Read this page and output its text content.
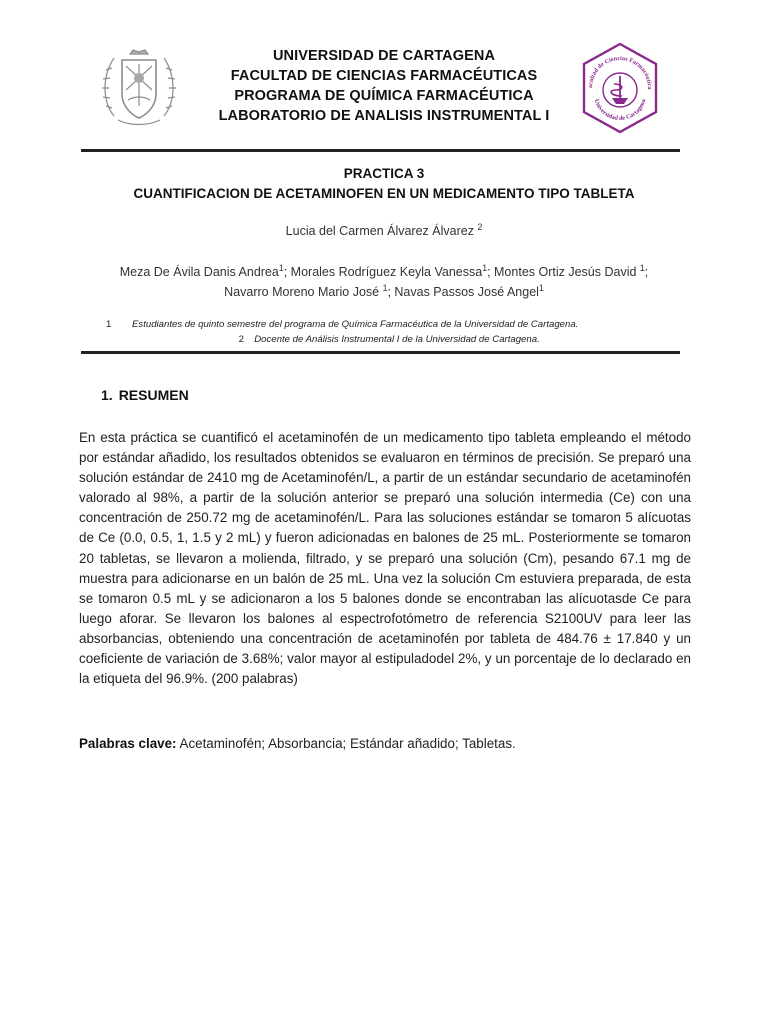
UNIVERSIDAD DE CARTAGENA
FACULTAD DE CIENCIAS FARMACÉUTICAS
PROGRAMA DE QUÍMICA FARMACÉUTICA
LABORATORIO DE ANALISIS INSTRUMENTAL I
acultad de Ciencias Farmacéutica
Universidad de Cartagena
PRACTICA 3
CUANTIFICACION DE ACETAMINOFEN EN UN MEDICAMENTO TIPO TABLETA
Lucia del Carmen Álvarez Álvarez $^2$
Meza De Ávila Danis Andrea$^1$; Morales Rodríguez Keyla Vanessa$^1$; Montes Ortiz Jesús David $^1$;
Navarro Moreno Mario José $^1$; Navas Passos José Angel$^1$
1 Estudiantes de quinto semestre del programa de Química Farmacéutica de la Universidad de Cartagena.
2 Docente de Análisis Instrumental I de la Universidad de Cartagena.
1. RESUMEN

En esta práctica se cuantificó el acetaminofén de un medicamento tipo tableta empleando el método por estándar añadido, los resultados obtenidos se evaluaron en términos de precisión. Se preparó una solución estándar de 2410 mg de Acetaminofén/L, a partir de un estándar secundario de acetaminofén valorado al 98%, a partir de la solución anterior se preparó una solución intermedia (Ce) con una concentración de 250.72 mg de acetaminofén/L. Para las soluciones estándar se tomaron 5 alícuotas de Ce (0.0, 0.5, 1, 1.5 y 2 mL) y fueron adicionadas en balones de 25 mL. Posteriormente se tomaron 20 tabletas, se llevaron a molienda, filtrado, y se preparó una solución (Cm), pesando 67.1 mg de muestra para adicionarse en un balón de 25 mL. Una vez la solución Cm estuviera preparada, de esta se tomaron 0.5 mL y se adicionaron a los 5 balones donde se encontraban las alícuotasde Ce para luego aforar. Se llevaron los balones al espectrofotómetro de referencia S2100UV para leer las absorbancias, obteniendo una concentración de acetaminofén por tableta de 484.76 ± 17.840 y un coeficiente de variación de 3.68%; valor mayor al estipuladodel 2%, y un porcentaje de lo declarado en la etiqueta del 96.9%. (200 palabras)

Palabras clave: Acetaminofén; Absorbancia; Estándar añadido; Tabletas.
